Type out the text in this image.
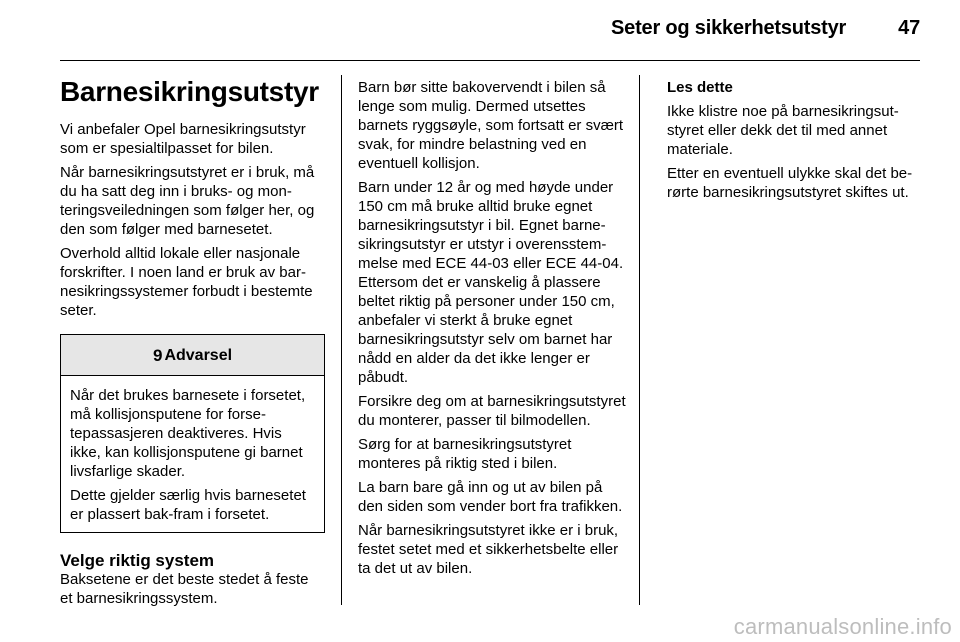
Seter og sikkerhetsutstyr	47
Barnesikringsutstyr

Vi anbefaler Opel barnesikringsutstyr som er spesialtilpasset for bilen.

Når barnesikringsutstyret er i bruk, må du ha satt deg inn i bruks- og monteringsveiledningen som følger her, og den som følger med barnesetet.

Overhold alltid lokale eller nasjonale forskrifter. I noen land er bruk av barnesikringssystemer forbudt i bestemte seter.

9 Advarsel

Når det brukes barnesete i forsetet, må kollisjonsputene for forsetepassasjeren deaktiveres. Hvis ikke, kan kollisjonsputene gi barnet livsfarlige skader.

Dette gjelder særlig hvis barnesetet er plassert bak-fram i forsetet.

Velge riktig system

Baksetene er det beste stedet å feste et barnesikringssystem.

Barn bør sitte bakovervendt i bilen så lenge som mulig. Dermed utsettes barnets ryggsøyle, som fortsatt er svært svak, for mindre belastning ved en eventuell kollisjon.

Barn under 12 år og med høyde under 150 cm må bruke alltid bruke egnet barnesikringsutstyr i bil. Egnet barnesikringsutstyr er utstyr i overensstemmelse med ECE 44-03 eller ECE 44-04. Ettersom det er vanskelig å plassere beltet riktig på personer under 150 cm, anbefaler vi sterkt å bruke egnet barnesikringsutstyr selv om barnet har nådd en alder da det ikke lenger er påbudt.

Forsikre deg om at barnesikringsutstyret du monterer, passer til bilmodellen.

Sørg for at barnesikringsutstyret monteres på riktig sted i bilen.

La barn bare gå inn og ut av bilen på den siden som vender bort fra trafikken.

Når barnesikringsutstyret ikke er i bruk, festet setet med et sikkerhetsbelte eller ta det ut av bilen.

Les dette

Ikke klistre noe på barnesikringsutstyret eller dekk det til med annet materiale.

Etter en eventuell ulykke skal det berørte barnesikringsutstyret skiftes ut.

carmanualsonline.info
